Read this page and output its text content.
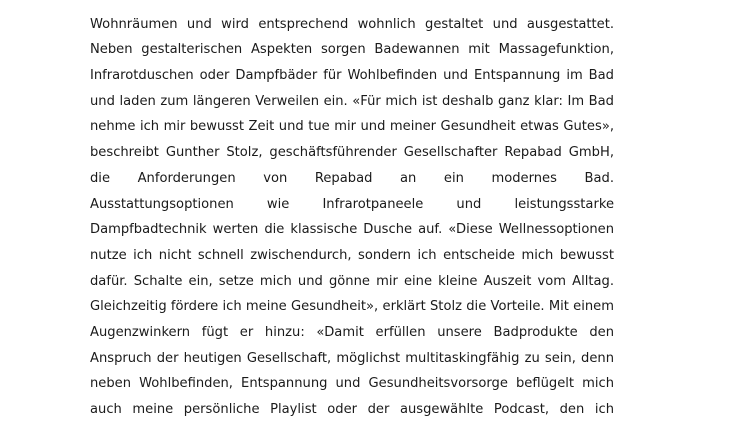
Wohnräumen und wird entsprechend wohnlich gestaltet und ausgestattet.
Neben gestalterischen Aspekten sorgen Badewannen mit Massagefunktion,
Infrarotduschen oder Dampfbäder für Wohlbefinden und Entspannung im Bad
und laden zum längeren Verweilen ein. «Für mich ist deshalb ganz klar: Im Bad
nehme ich mir bewusst Zeit und tue mir und meiner Gesundheit etwas Gutes»,
beschreibt Gunther Stolz, geschäftsführender Gesellschafter Repabad GmbH,
die Anforderungen von Repabad an ein modernes Bad.
Ausstattungsoptionen wie Infrarotpaneele und leistungsstarke
Dampfbadtechnik werten die klassische Dusche auf. «Diese Wellnessoptionen
nutze ich nicht schnell zwischendurch, sondern ich entscheide mich bewusst
dafür. Schalte ein, setze mich und gönne mir eine kleine Auszeit vom Alltag.
Gleichzeitig fördere ich meine Gesundheit», erklärt Stolz die Vorteile. Mit einem
Augenzwinkern fügt er hinzu: «Damit erfüllen unsere Badprodukte den
Anspruch der heutigen Gesellschaft, möglichst multitaskingfähig zu sein, denn
neben Wohlbefinden, Entspannung und Gesundheitsvorsorge beflügelt mich
auch meine persönliche Playlist oder der ausgewählte Podcast, den ich
